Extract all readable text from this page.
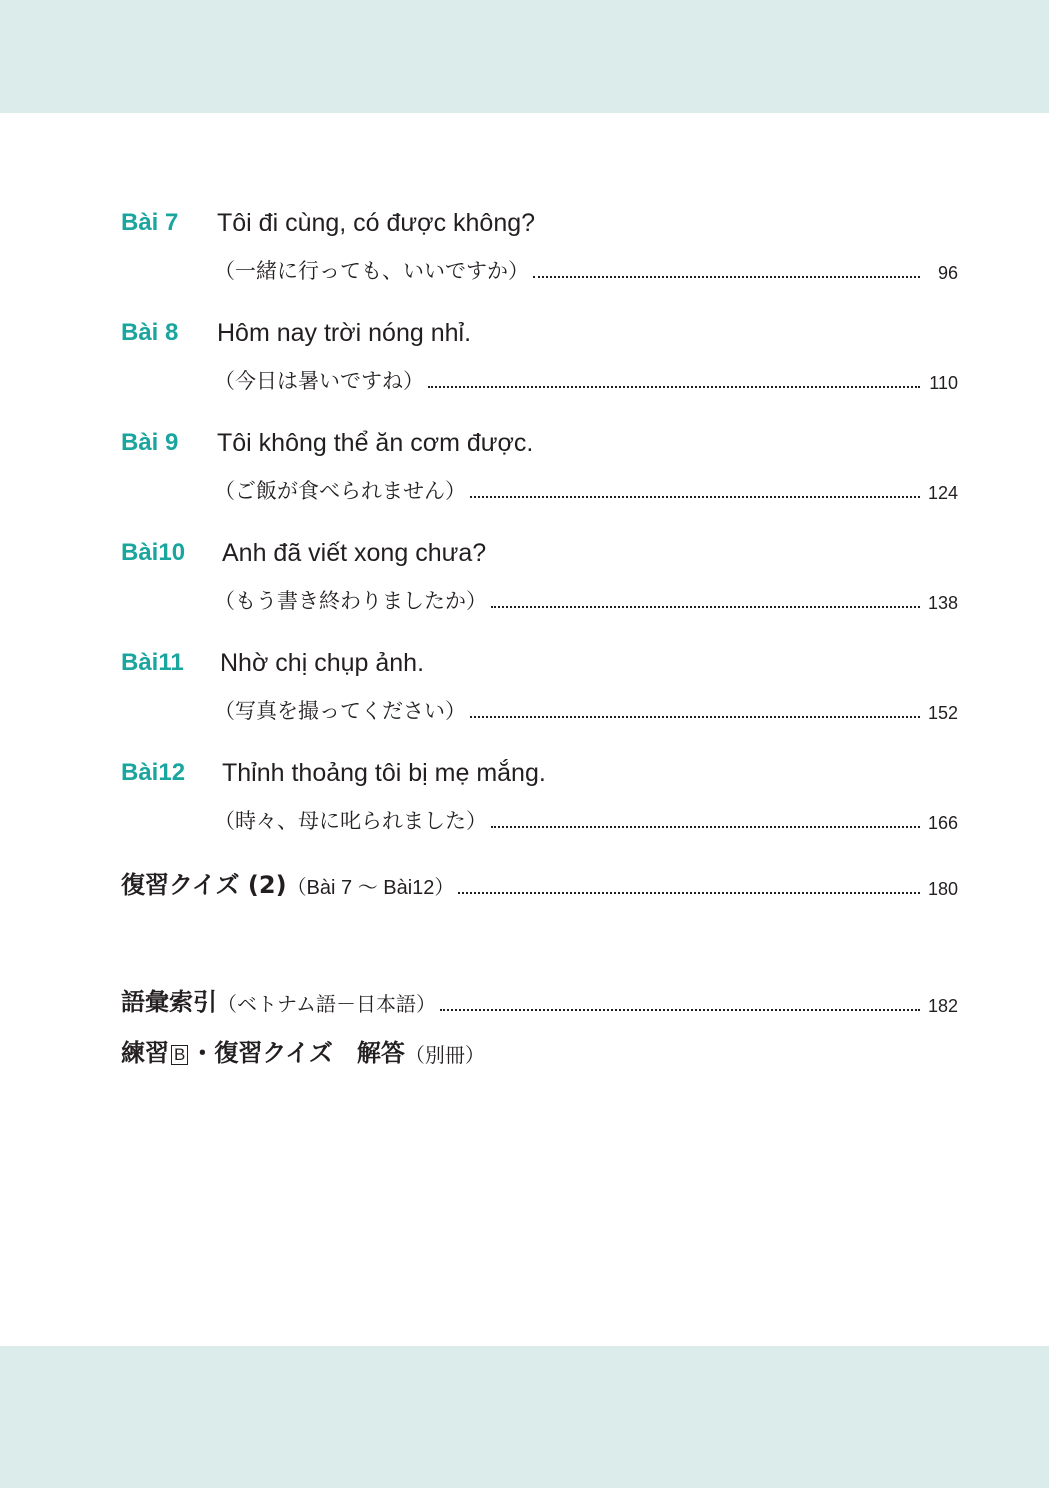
Bài 7 Tôi đi cùng, có được không?
（一緒に行っても、いいですか）	96
Bài 8 Hôm nay trời nóng nhỉ.
（今日は暑いですね）	110
Bài 9 Tôi không thể ăn cơm được.
（ご飯が食べられません）	124
Bài10 Anh đã viết xong chưa?
（もう書き終わりましたか）	138
Bài11 Nhờ chị chụp ảnh.
（写真を撮ってください）	152
Bài12 Thỉnh thoảng tôi bị mẹ mắng.
（時々、母に叱られました）	166
復習クイズ (2) （Bài 7 〜 Bài12）	180
語彙索引 （ベトナム語－日本語）	182
練習 B ・復習クイズ　解答 （別冊）
